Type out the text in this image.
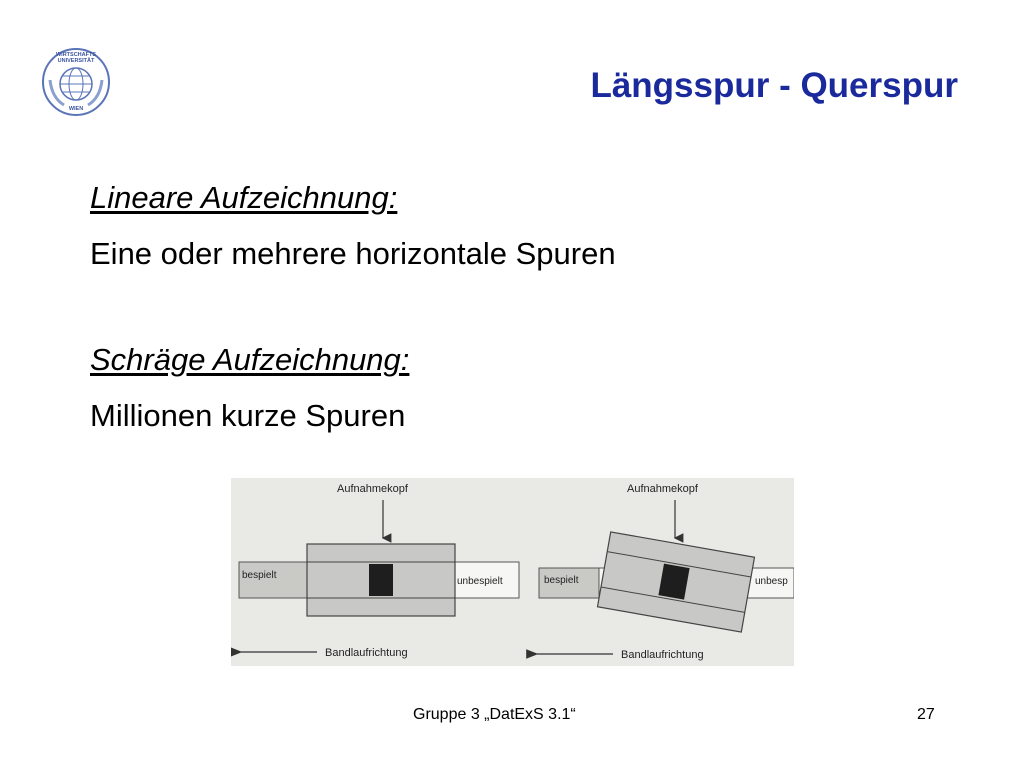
WIRTSCHAFTS
UNIVERSITÄT
WIEN
Längsspur - Querspur
Lineare Aufzeichnung:
Eine oder mehrere horizontale Spuren
Schräge Aufzeichnung:
Millionen kurze Spuren
Aufnahmekopf
bespielt
unbespielt
Bandlaufrichtung
Aufnahmekopf
bespielt	unbesp
Bandlaufrichtung
Gruppe 3 „DatExS 3.1“	27
